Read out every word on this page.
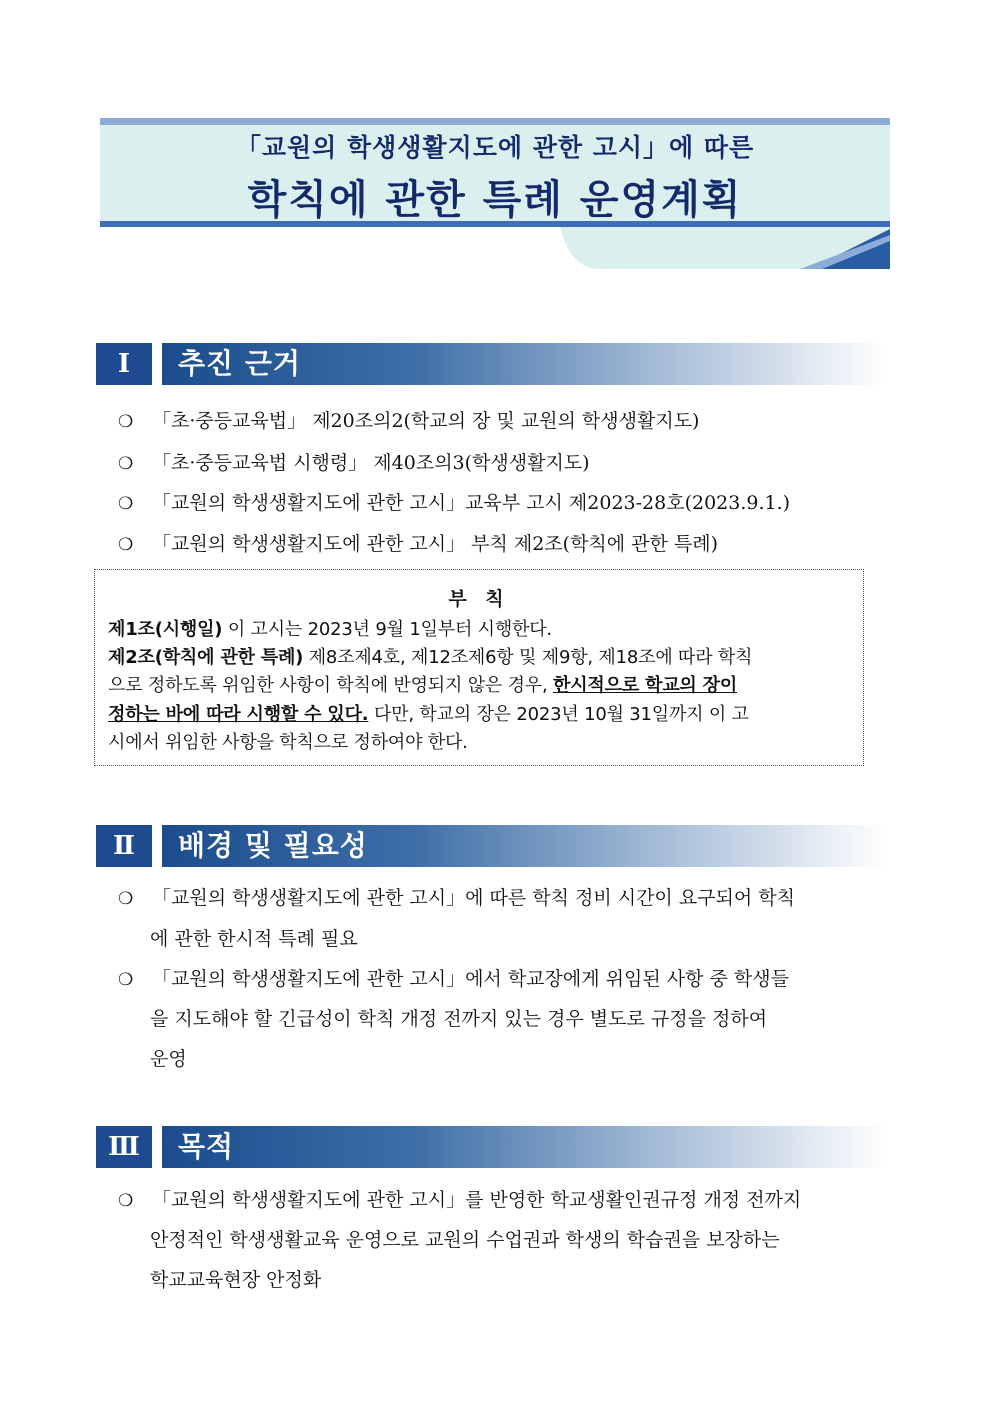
「교원의 학생생활지도에 관한 고시」에 따른
학칙에 관한 특례 운영계획
Ⅰ	추진 근거
❍ 「초·중등교육법」 제20조의2(학교의 장 및 교원의 학생생활지도)
❍ 「초·중등교육법 시행령」 제40조의3(학생생활지도)
❍ 「교원의 학생생활지도에 관한 고시」교육부 고시 제2023-28호(2023.9.1.)
❍ 「교원의 학생생활지도에 관한 고시」 부칙 제2조(학칙에 관한 특례)
부 칙
제1조(시행일) 이 고시는 2023년 9월 1일부터 시행한다.
제2조(학칙에 관한 특례) 제8조제4호, 제12조제6항 및 제9항, 제18조에 따라 학칙
으로 정하도록 위임한 사항이 학칙에 반영되지 않은 경우, 한시적으로 학교의 장이
정하는 바에 따라 시행할 수 있다. 다만, 학교의 장은 2023년 10월 31일까지 이 고
시에서 위임한 사항을 학칙으로 정하여야 한다.
Ⅱ	배경 및 필요성
❍ 「교원의 학생생활지도에 관한 고시」에 따른 학칙 정비 시간이 요구되어 학칙
에 관한 한시적 특례 필요
❍ 「교원의 학생생활지도에 관한 고시」에서 학교장에게 위임된 사항 중 학생들
을 지도해야 할 긴급성이 학칙 개정 전까지 있는 경우 별도로 규정을 정하여
운영
Ⅲ	목적
❍ 「교원의 학생생활지도에 관한 고시」를 반영한 학교생활인권규정 개정 전까지
안정적인 학생생활교육 운영으로 교원의 수업권과 학생의 학습권을 보장하는
학교교육현장 안정화
